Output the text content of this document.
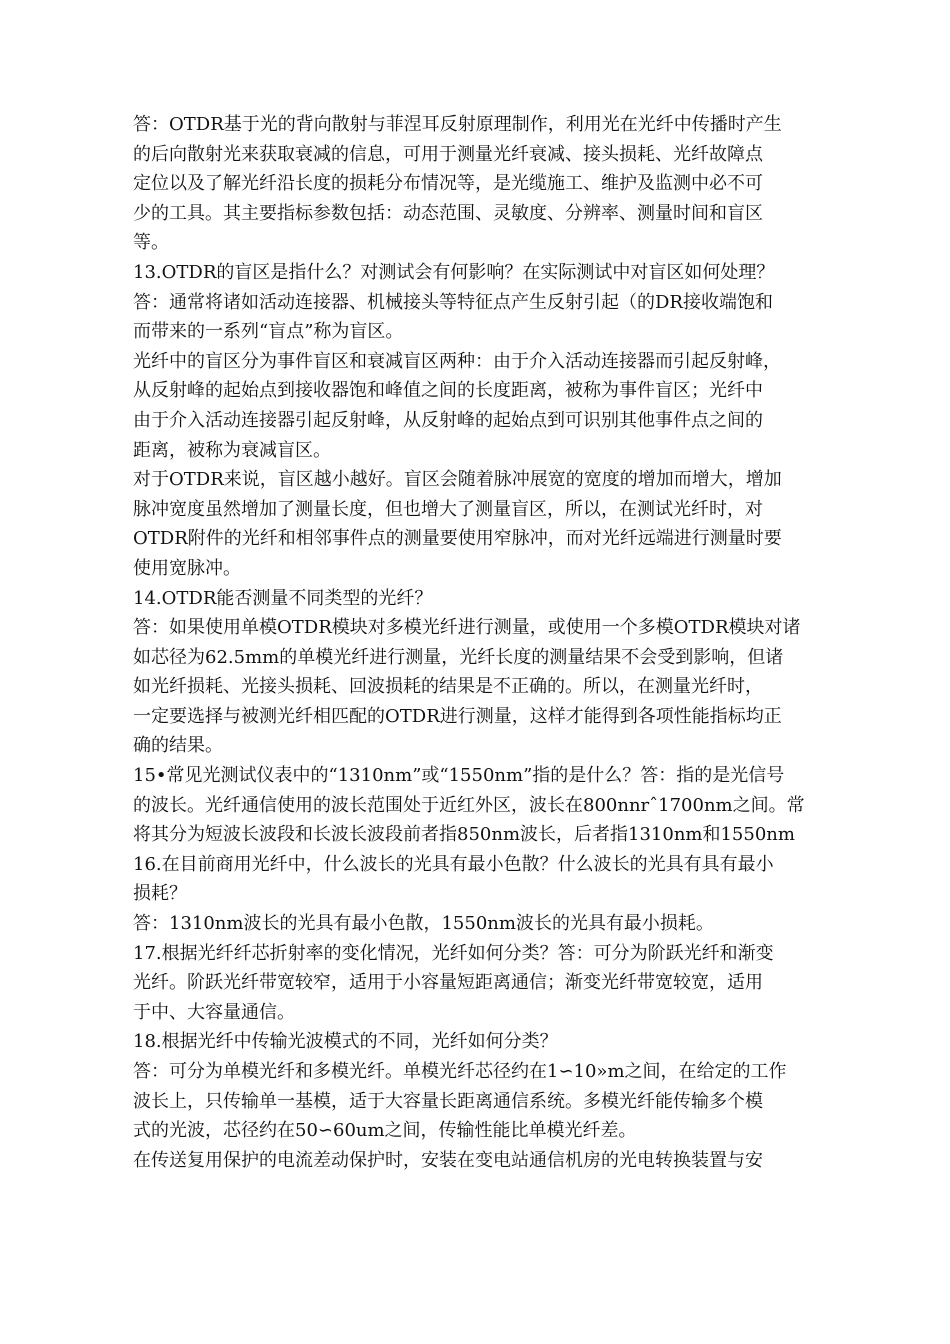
答：OTDR基于光的背向散射与菲涅耳反射原理制作，利用光在光纤中传播时产生
的后向散射光来获取衰减的信息，可用于测量光纤衰减、接头损耗、光纤故障点
定位以及了解光纤沿长度的损耗分布情况等，是光缆施工、维护及监测中必不可
少的工具。其主要指标参数包括：动态范围、灵敏度、分辨率、测量时间和盲区
等。
13.OTDR的盲区是指什么？对测试会有何影响？在实际测试中对盲区如何处理？
答：通常将诸如活动连接器、机械接头等特征点产生反射引起（的DR接收端饱和
而带来的一系列“盲点”称为盲区。
光纤中的盲区分为事件盲区和衰减盲区两种：由于介入活动连接器而引起反射峰，
从反射峰的起始点到接收器饱和峰值之间的长度距离，被称为事件盲区；光纤中
由于介入活动连接器引起反射峰，从反射峰的起始点到可识别其他事件点之间的
距离，被称为衰减盲区。
对于OTDR来说，盲区越小越好。盲区会随着脉冲展宽的宽度的增加而增大，增加
脉冲宽度虽然增加了测量长度，但也增大了测量盲区，所以，在测试光纤时，对
OTDR附件的光纤和相邻事件点的测量要使用窄脉冲，而对光纤远端进行测量时要
使用宽脉冲。
14.OTDR能否测量不同类型的光纤？
答：如果使用单模OTDR模块对多模光纤进行测量，或使用一个多模OTDR模块对诸
如芯径为62.5mm的单模光纤进行测量，光纤长度的测量结果不会受到影响，但诸
如光纤损耗、光接头损耗、回波损耗的结果是不正确的。所以，在测量光纤时，
一定要选择与被测光纤相匹配的OTDR进行测量，这样才能得到各项性能指标均正
确的结果。
15•常见光测试仪表中的“1310nm”或“1550nm”指的是什么？答：指的是光信号
的波长。光纤通信使用的波长范围处于近红外区，波长在800nnrˆ1700nm之间。常
将其分为短波长波段和长波长波段前者指850nm波长，后者指1310nm和1550nm
16.在目前商用光纤中，什么波长的光具有最小色散？什么波长的光具有具有最小
损耗？
答：1310nm波长的光具有最小色散，1550nm波长的光具有最小损耗。
17.根据光纤纤芯折射率的变化情况，光纤如何分类？答：可分为阶跃光纤和渐变
光纤。阶跃光纤带宽较窄，适用于小容量短距离通信；渐变光纤带宽较宽，适用
于中、大容量通信。
18.根据光纤中传输光波模式的不同，光纤如何分类？
答：可分为单模光纤和多模光纤。单模光纤芯径约在1∽10»m之间，在给定的工作
波长上，只传输单一基模，适于大容量长距离通信系统。多模光纤能传输多个模
式的光波，芯径约在50∽60um之间，传输性能比单模光纤差。
在传送复用保护的电流差动保护时，安装在变电站通信机房的光电转换装置与安
